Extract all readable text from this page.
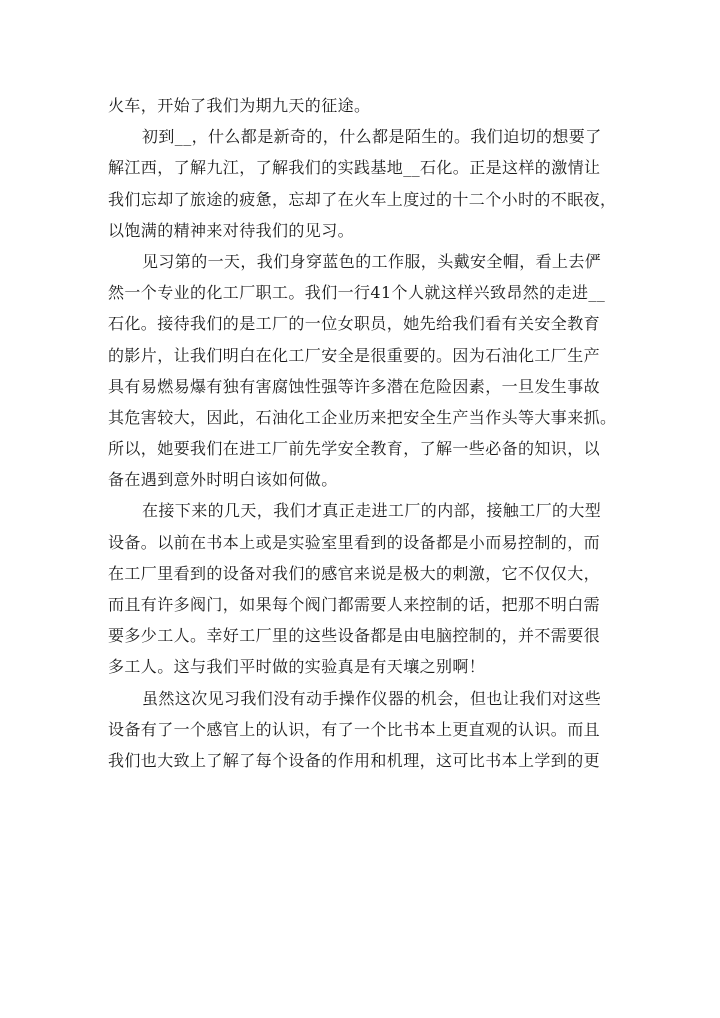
火车，开始了我们为期九天的征途。
初到__，什么都是新奇的，什么都是陌生的。我们迫切的想要了
解江西，了解九江，了解我们的实践基地__石化。正是这样的激情让
我们忘却了旅途的疲惫，忘却了在火车上度过的十二个小时的不眠夜，
以饱满的精神来对待我们的见习。
见习第的一天，我们身穿蓝色的工作服，头戴安全帽，看上去俨
然一个专业的化工厂职工。我们一行41个人就这样兴致昂然的走进__
石化。接待我们的是工厂的一位女职员，她先给我们看有关安全教育
的影片，让我们明白在化工厂安全是很重要的。因为石油化工厂生产
具有易燃易爆有独有害腐蚀性强等许多潜在危险因素，一旦发生事故
其危害较大，因此，石油化工企业历来把安全生产当作头等大事来抓。
所以，她要我们在进工厂前先学安全教育，了解一些必备的知识，以
备在遇到意外时明白该如何做。
在接下来的几天，我们才真正走进工厂的内部，接触工厂的大型
设备。以前在书本上或是实验室里看到的设备都是小而易控制的，而
在工厂里看到的设备对我们的感官来说是极大的刺激，它不仅仅大，
而且有许多阀门，如果每个阀门都需要人来控制的话，把那不明白需
要多少工人。幸好工厂里的这些设备都是由电脑控制的，并不需要很
多工人。这与我们平时做的实验真是有天壤之别啊！
虽然这次见习我们没有动手操作仪器的机会，但也让我们对这些
设备有了一个感官上的认识，有了一个比书本上更直观的认识。而且
我们也大致上了解了每个设备的作用和机理，这可比书本上学到的更
